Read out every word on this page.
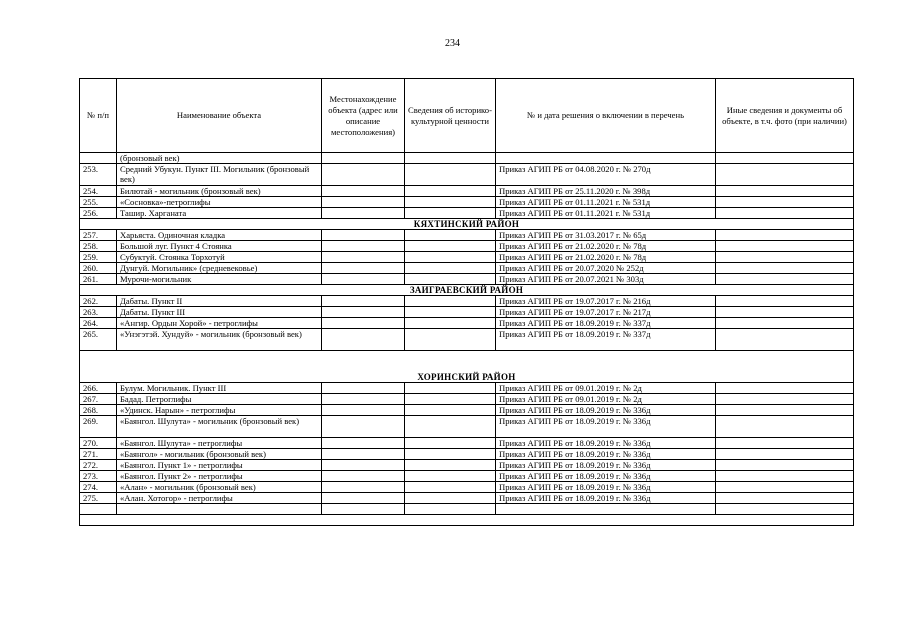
234
№ п/п	Наименование объекта	Местонахождение объекта (адрес или описание местоположения)	Сведения об историко-культурной ценности	№ и дата решения о включении в перечень	Иные сведения и документы об объекте, в т.ч. фото (при наличии)
	(бронзовый век)				
253.	Средний Убукун. Пункт III. Могильник (бронзовый век)			Приказ АГИП РБ от 04.08.2020 г. № 270д	
254.	Билютай - могильник (бронзовый век)			Приказ АГИП РБ от 25.11.2020 г. № 398д	
255.	«Сосновка»-петроглифы			Приказ АГИП РБ от 01.11.2021 г. № 531д	
256.	Ташир. Харганата			Приказ АГИП РБ от 01.11.2021 г. № 531д	
КЯХТИНСКИЙ РАЙОН					
257.	Харьяста. Одиночная кладка			Приказ АГИП РБ от 31.03.2017 г. № 65д	
258.	Большой луг. Пункт 4 Стоянка			Приказ АГИП РБ от 21.02.2020 г. № 78д	
259.	Субуктуй. Стоянка Торхотуй			Приказ АГИП РБ от 21.02.2020 г. № 78д	
260.	Дунгуй. Могильник» (средневековье)			Приказ АГИП РБ от 20.07.2020 № 252д	
261.	Мурочи-могильник			Приказ АГИП РБ от 20.07.2021 № 303д	
ЗАИГРАЕВСКИЙ РАЙОН					
262.	Дабаты. Пункт II			Приказ АГИП РБ от 19.07.2017 г. № 216д	
263.	Дабаты. Пункт III			Приказ АГИП РБ от 19.07.2017 г. № 217д	
264.	«Ангир. Ордын Хорой» - петроглифы			Приказ АГИП РБ от 18.09.2019 г. № 337д	
265.	«Унэгэтэй. Хундуй» - могильник (бронзовый век)			Приказ АГИП РБ от 18.09.2019 г. № 337д	
ХОРИНСКИЙ РАЙОН					
266.	Булум. Могильник. Пункт III			Приказ АГИП РБ от 09.01.2019 г. № 2д	
267.	Бадад. Петроглифы			Приказ АГИП РБ от 09.01.2019 г. № 2д	
268.	«Удинск. Нарын» - петроглифы			Приказ АГИП РБ от 18.09.2019 г. № 336д	
269.	«Баянгол. Шулута» - могильник (бронзовый век)			Приказ АГИП РБ от 18.09.2019 г. № 336д	
270.	«Баянгол. Шулута» - петроглифы			Приказ АГИП РБ от 18.09.2019 г. № 336д	
271.	«Баянгол» - могильник (бронзовый век)			Приказ АГИП РБ от 18.09.2019 г. № 336д	
272.	«Баянгол. Пункт 1» - петроглифы			Приказ АГИП РБ от 18.09.2019 г. № 336д	
273.	«Баянгол. Пункт 2» - петроглифы			Приказ АГИП РБ от 18.09.2019 г. № 336д	
274.	«Алан» - могильник (бронзовый век)			Приказ АГИП РБ от 18.09.2019 г. № 336д	
275.	«Алан. Хотогор» - петроглифы			Приказ АГИП РБ от 18.09.2019 г. № 336д	
